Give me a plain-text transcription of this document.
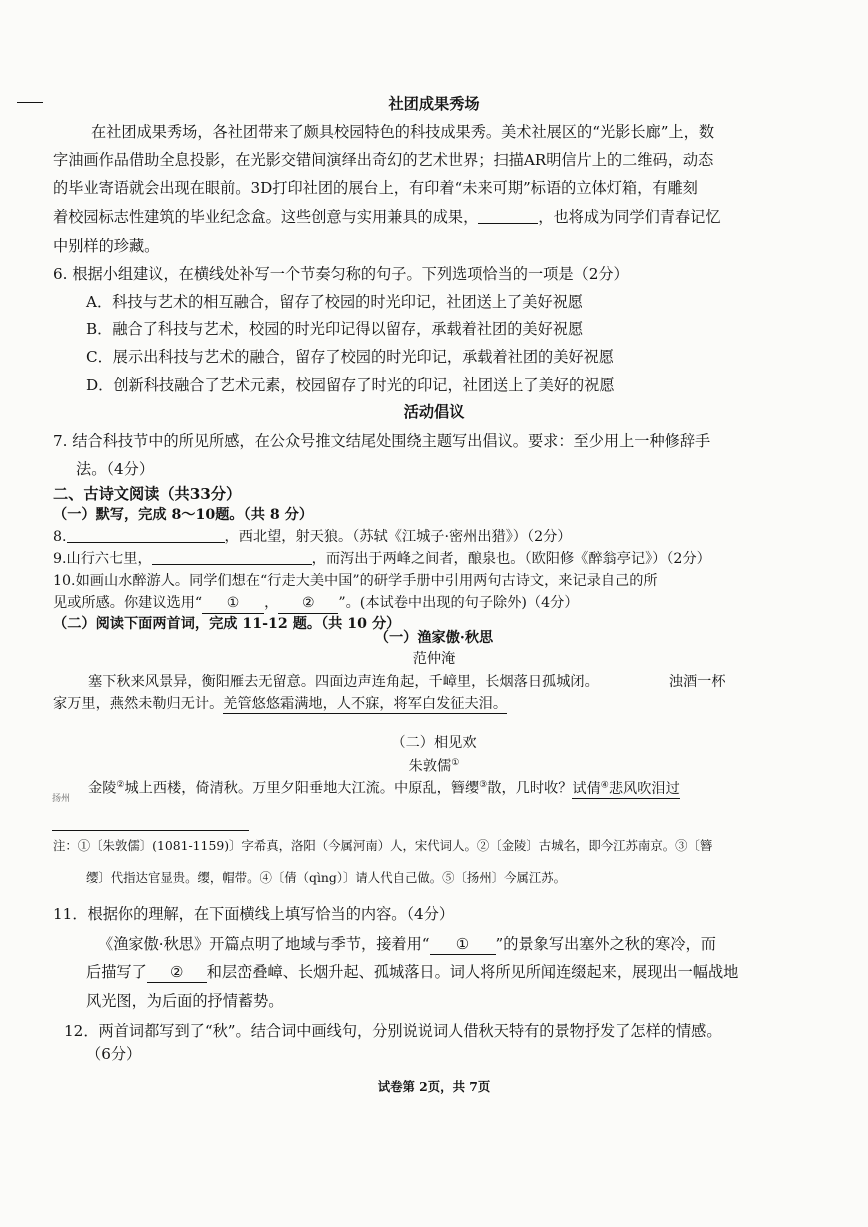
社团成果秀场
在社团成果秀场，各社团带来了颇具校园特色的科技成果秀。美术社展区的“光影长廊”上，数
字油画作品借助全息投影，在光影交错间演绎出奇幻的艺术世界；扫描AR明信片上的二维码，动态
的毕业寄语就会出现在眼前。3D打印社团的展台上，有印着“未来可期”标语的立体灯箱，有雕刻
着校园标志性建筑的毕业纪念盒。这些创意与实用兼具的成果，	，也将成为同学们青春记忆
中别样的珍藏。
6. 根据小组建议，在横线处补写一个节奏匀称的句子。下列选项恰当的一项是（2分）
A．科技与艺术的相互融合，留存了校园的时光印记，社团送上了美好祝愿
B．融合了科技与艺术，校园的时光印记得以留存，承载着社团的美好祝愿
C．展示出科技与艺术的融合，留存了校园的时光印记，承载着社团的美好祝愿
D．创新科技融合了艺术元素，校园留存了时光的印记，社团送上了美好的祝愿
活动倡议
7. 结合科技节中的所见所感，在公众号推文结尾处围绕主题写出倡议。要求：至少用上一种修辞手
法。（4分）
二、古诗文阅读（共33分）
（一）默写，完成 8～10题。（共 8 分）
8.	，西北望，射天狼。（苏轼《江城子·密州出猎》）（2分）
9.山行六七里，	，而泻出于两峰之间者，酿泉也。（欧阳修《醉翁亭记》）（2分）
10.如画山水醉游人。同学们想在“行走大美中国”的研学手册中引用两句古诗文，来记录自己的所
见或所感。你建议选用“ ① ， ② ”。(本试卷中出现的句子除外)（4分）
（二）阅读下面两首词，完成 11-12 题。（共 10 分）
（一）渔家傲·秋思
范仲淹
塞下秋来风景异，衡阳雁去无留意。四面边声连角起，千嶂里，长烟落日孤城闭。	浊酒一杯
家万里，燕然未勒归无计。羌管悠悠霜满地，人不寐，将军白发征夫泪。
（二）相见欢
朱敦儒①
金陵②城上西楼，倚清秋。万里夕阳垂地大江流。中原乱，簪缨③散，几时收？试倩④悲风吹泪过
扬州
注：①〔朱敦儒〕(1081-1159)〕字希真，洛阳（今属河南）人，宋代词人。②〔金陵〕古城名，即今江苏南京。③〔簪
缨〕代指达官显贵。缨，帽带。④〔倩（qìng）〕请人代自己做。⑤〔扬州〕今属江苏。
11．根据你的理解，在下面横线上填写恰当的内容。（4分）
《渔家傲·秋思》开篇点明了地域与季节，接着用“ ① ”的景象写出塞外之秋的寒冷，而
后描写了 ② 和层峦叠嶂、长烟升起、孤城落日。词人将所见所闻连缀起来，展现出一幅战地
风光图，为后面的抒情蓄势。
12．两首词都写到了“秋”。结合词中画线句，分别说说词人借秋天特有的景物抒发了怎样的情感。
（6分）
试卷第 2页，共 7页
